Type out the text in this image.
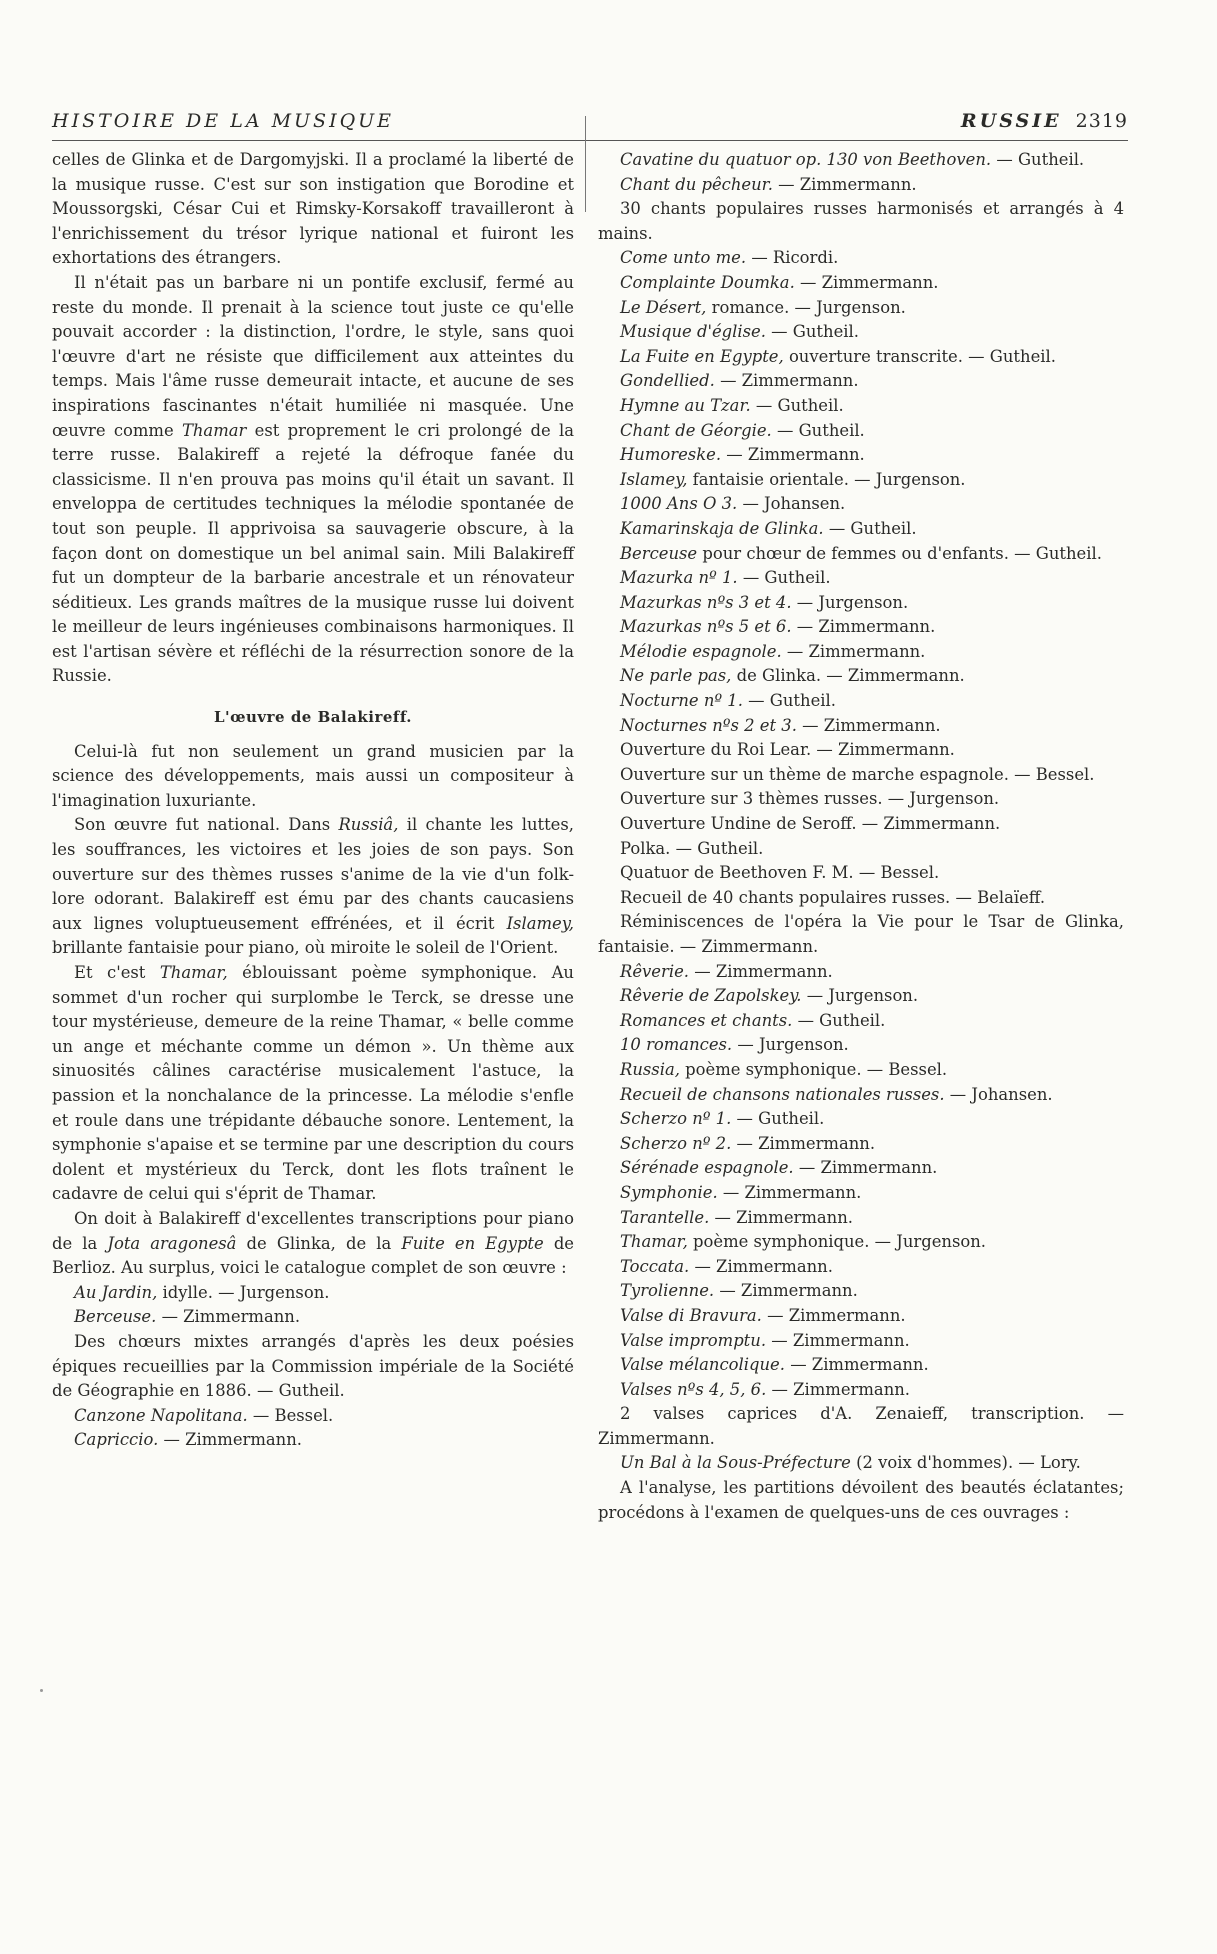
HISTOIRE DE LA MUSIQUE	RUSSIE 2319

celles de Glinka et de Dargomyjski. Il a proclamé la liberté de la musique russe. C'est sur son instigation que Borodine et Moussorgski, César Cui et Rimsky-Korsakoff travailleront à l'enrichissement du trésor lyrique national et fuiront les exhortations des étrangers.

Il n'était pas un barbare ni un pontife exclusif, fermé au reste du monde. Il prenait à la science tout juste ce qu'elle pouvait accorder : la distinction, l'ordre, le style, sans quoi l'œuvre d'art ne résiste que difficilement aux atteintes du temps. Mais l'âme russe demeurait intacte, et aucune de ses inspirations fascinantes n'était humiliée ni masquée. Une œuvre comme Thamar est proprement le cri prolongé de la terre russe. Balakireff a rejeté la défroque fanée du classicisme. Il n'en prouva pas moins qu'il était un savant. Il enveloppa de certitudes techniques la mélodie spontanée de tout son peuple. Il apprivoisa sa sauvagerie obscure, à la façon dont on domestique un bel animal sain. Mili Balakireff fut un dompteur de la barbarie ancestrale et un rénovateur séditieux. Les grands maîtres de la musique russe lui doivent le meilleur de leurs ingénieuses combinaisons harmoniques. Il est l'artisan sévère et réfléchi de la résurrection sonore de la Russie.

L'œuvre de Balakireff.

Celui-là fut non seulement un grand musicien par la science des développements, mais aussi un compositeur à l'imagination luxuriante.

Son œuvre fut national. Dans Russiâ, il chante les luttes, les souffrances, les victoires et les joies de son pays. Son ouverture sur des thèmes russes s'anime de la vie d'un folk-lore odorant. Balakireff est ému par des chants caucasiens aux lignes voluptueusement effrénées, et il écrit Islamey, brillante fantaisie pour piano, où miroite le soleil de l'Orient.

Et c'est Thamar, éblouissant poème symphonique. Au sommet d'un rocher qui surplombe le Terck, se dresse une tour mystérieuse, demeure de la reine Thamar, « belle comme un ange et méchante comme un démon ». Un thème aux sinuosités câlines caractérise musicalement l'astuce, la passion et la nonchalance de la princesse. La mélodie s'enfle et roule dans une trépidante débauche sonore. Lentement, la symphonie s'apaise et se termine par une description du cours dolent et mystérieux du Terck, dont les flots traînent le cadavre de celui qui s'éprit de Thamar.

On doit à Balakireff d'excellentes transcriptions pour piano de la Jota aragonesâ de Glinka, de la Fuite en Egypte de Berlioz. Au surplus, voici le catalogue complet de son œuvre :

Au Jardin, idylle. — Jurgenson.

Berceuse. — Zimmermann.

Des chœurs mixtes arrangés d'après les deux poésies épiques recueillies par la Commission impériale de la Société de Géographie en 1886. — Gutheil.

Canzone Napolitana. — Bessel.

Capriccio. — Zimmermann.

Cavatine du quatuor op. 130 von Beethoven. — Gutheil.

Chant du pêcheur. — Zimmermann.

30 chants populaires russes harmonisés et arrangés à 4 mains.

Come unto me. — Ricordi.

Complainte Doumka. — Zimmermann.

Le Désert, romance. — Jurgenson.

Musique d'église. — Gutheil.

La Fuite en Egypte, ouverture transcrite. — Gutheil.

Gondellied. — Zimmermann.

Hymne au Tzar. — Gutheil.

Chant de Géorgie. — Gutheil.

Humoreske. — Zimmermann.

Islamey, fantaisie orientale. — Jurgenson.

1000 Ans O 3. — Johansen.

Kamarinskaja de Glinka. — Gutheil.

Berceuse pour chœur de femmes ou d'enfants. — Gutheil.

Mazurka nº 1. — Gutheil.

Mazurkas nºs 3 et 4. — Jurgenson.

Mazurkas nºs 5 et 6. — Zimmermann.

Mélodie espagnole. — Zimmermann.

Ne parle pas, de Glinka. — Zimmermann.

Nocturne nº 1. — Gutheil.

Nocturnes nºs 2 et 3. — Zimmermann.

Ouverture du Roi Lear. — Zimmermann.

Ouverture sur un thème de marche espagnole. — Bessel.

Ouverture sur 3 thèmes russes. — Jurgenson.

Ouverture Undine de Seroff. — Zimmermann.

Polka. — Gutheil.

Quatuor de Beethoven F. M. — Bessel.

Recueil de 40 chants populaires russes. — Belaïeff.

Réminiscences de l'opéra la Vie pour le Tsar de Glinka, fantaisie. — Zimmermann.

Rêverie. — Zimmermann.

Rêverie de Zapolskey. — Jurgenson.

Romances et chants. — Gutheil.

10 romances. — Jurgenson.

Russia, poème symphonique. — Bessel.

Recueil de chansons nationales russes. — Johansen.

Scherzo nº 1. — Gutheil.

Scherzo nº 2. — Zimmermann.

Sérénade espagnole. — Zimmermann.

Symphonie. — Zimmermann.

Tarantelle. — Zimmermann.

Thamar, poème symphonique. — Jurgenson.

Toccata. — Zimmermann.

Tyrolienne. — Zimmermann.

Valse di Bravura. — Zimmermann.

Valse impromptu. — Zimmermann.

Valse mélancolique. — Zimmermann.

Valses nºs 4, 5, 6. — Zimmermann.

2 valses caprices d'A. Zenaieff, transcription. — Zimmermann.

Un Bal à la Sous-Préfecture (2 voix d'hommes). — Lory.

A l'analyse, les partitions dévoilent des beautés éclatantes; procédons à l'examen de quelques-uns de ces ouvrages :
